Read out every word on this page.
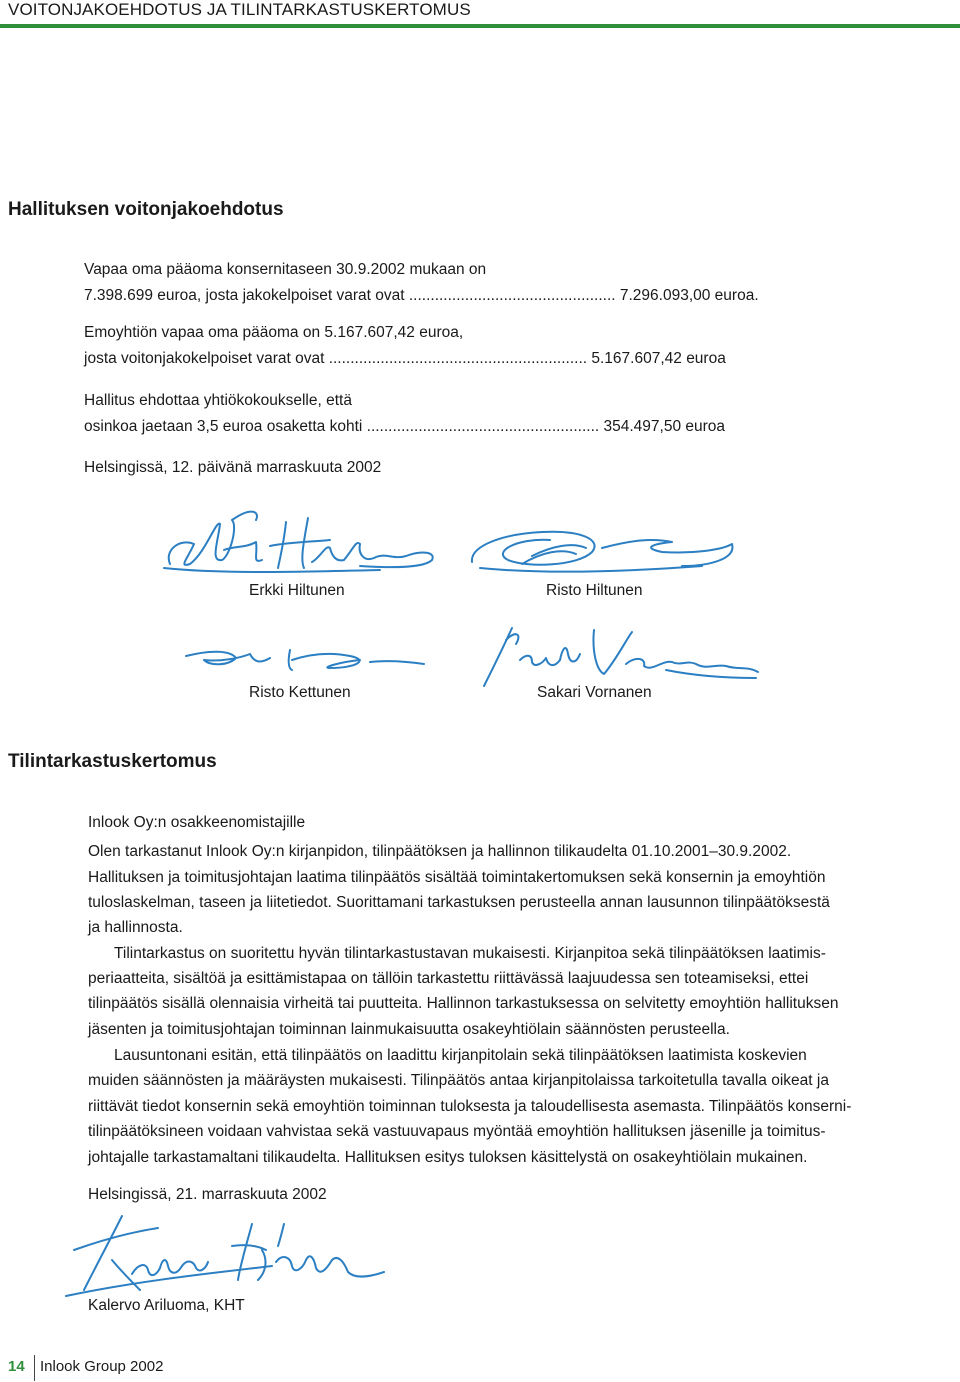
VOITONJAKOEHDOTUS JA TILINTARKASTUSKERTOMUS
Hallituksen voitonjakoehdotus
Vapaa oma pääoma konsernitaseen 30.9.2002 mukaan on
7.398.699 euroa, josta jakokelpoiset varat ovat ................................................ 7.296.093,00 euroa.
Emoyhtiön vapaa oma pääoma on 5.167.607,42 euroa,
josta voitonjakokelpoiset varat ovat ............................................................ 5.167.607,42 euroa
Hallitus ehdottaa yhtiökokoukselle, että
osinkoa jaetaan 3,5 euroa osaketta kohti ...................................................... 354.497,50 euroa
Helsingissä, 12. päivänä marraskuuta 2002
Erkki Hiltunen	Risto Hiltunen
Risto Kettunen	Sakari Vornanen
Tilintarkastuskertomus
Inlook Oy:n osakkeenomistajille
Olen tarkastanut Inlook Oy:n kirjanpidon, tilinpäätöksen ja hallinnon tilikaudelta 01.10.2001–30.9.2002.
Hallituksen ja toimitusjohtajan laatima tilinpäätös sisältää toimintakertomuksen sekä konsernin ja emoyhtiön
tuloslaskelman, taseen ja liitetiedot. Suorittamani tarkastuksen perusteella annan lausunnon tilinpäätöksestä
ja hallinnosta.
Tilintarkastus on suoritettu hyvän tilintarkastustavan mukaisesti. Kirjanpitoa sekä tilinpäätöksen laatimis-
periaatteita, sisältöä ja esittämistapaa on tällöin tarkastettu riittävässä laajuudessa sen toteamiseksi, ettei
tilinpäätös sisällä olennaisia virheitä tai puutteita. Hallinnon tarkastuksessa on selvitetty emoyhtiön hallituksen
jäsenten ja toimitusjohtajan toiminnan lainmukaisuutta osakeyhtiölain säännösten perusteella.
Lausuntonani esitän, että tilinpäätös on laadittu kirjanpitolain sekä tilinpäätöksen laatimista koskevien
muiden säännösten ja määräysten mukaisesti. Tilinpäätös antaa kirjanpitolaissa tarkoitetulla tavalla oikeat ja
riittävät tiedot konsernin sekä emoyhtiön toiminnan tuloksesta ja taloudellisesta asemasta. Tilinpäätös konserni-
tilinpäätöksineen voidaan vahvistaa sekä vastuuvapaus myöntää emoyhtiön hallituksen jäsenille ja toimitus-
johtajalle tarkastamaltani tilikaudelta. Hallituksen esitys tuloksen käsittelystä on osakeyhtiölain mukainen.
Helsingissä, 21. marraskuuta 2002
Kalervo Ariluoma, KHT
14 Inlook Group 2002
